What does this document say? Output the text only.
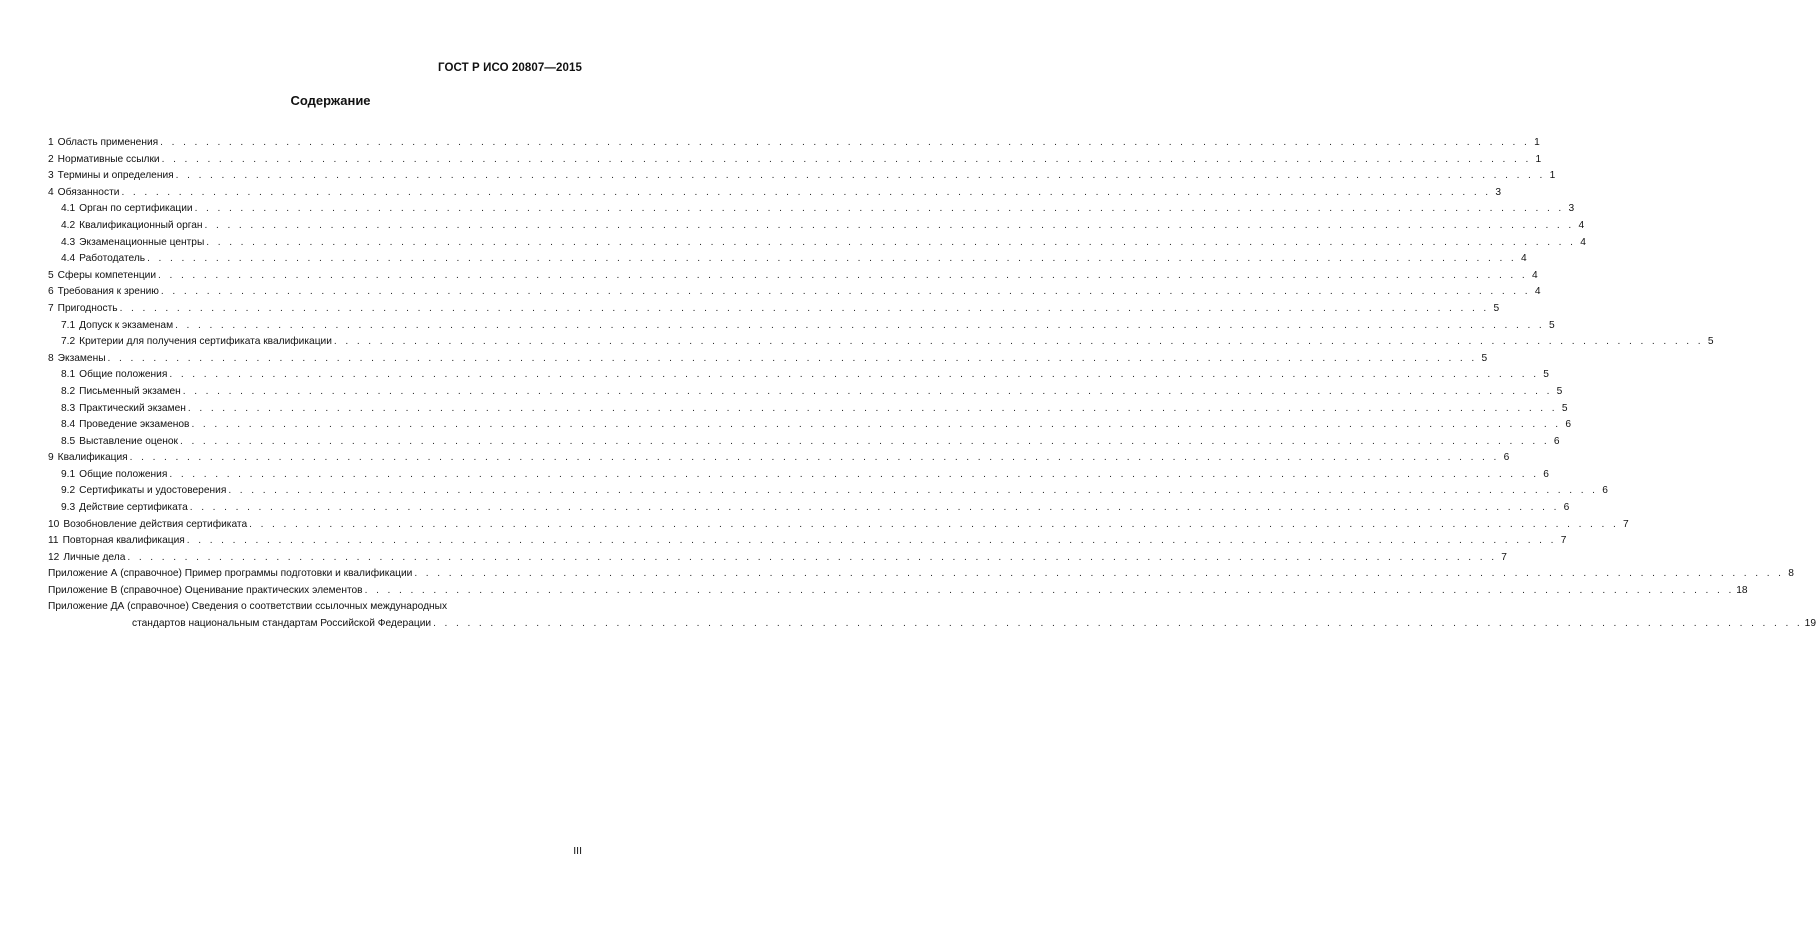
ГОСТ Р ИСО 20807—2015
Содержание
1 Область применения . . . . . . . . . . . . . . . . . . . . . . . . . . . . . . . . . . . . . . . . . . . . . . . . . . . . . . . . . . . . . . . . . . . . . . . . . . . . . . . . . . . . . . . . . . . . . . . . . . . . . . . . . . . . . . . . . . . . . . . . 1
2 Нормативные ссылки . . . . . . . . . . . . . . . . . . . . . . . . . . . . . . . . . . . . . . . . . . . . . . . . . . . . . . . . . . . . . . . . . . . . . . . . . . . . . . . . . . . . . . . . . . . . . . . . . . . . . . . . . . . . . . . . . . . . . . . . 1
3 Термины и определения . . . . . . . . . . . . . . . . . . . . . . . . . . . . . . . . . . . . . . . . . . . . . . . . . . . . . . . . . . . . . . . . . . . . . . . . . . . . . . . . . . . . . . . . . . . . . . . . . . . . . . . . . . . . . . . . . . . . . . . . 1
4 Обязанности . . . . . . . . . . . . . . . . . . . . . . . . . . . . . . . . . . . . . . . . . . . . . . . . . . . . . . . . . . . . . . . . . . . . . . . . . . . . . . . . . . . . . . . . . . . . . . . . . . . . . . . . . . . . . . . . . . . . . . . . 3
4.1 Орган по сертификации . . . . . . . . . . . . . . . . . . . . . . . . . . . . . . . . . . . . . . . . . . . . . . . . . . . . . . . . . . . . . . . . . . . . . . . . . . . . . . . . . . . . . . . . . . . . . . . . . . . . . . . . . . . . . . . . . . . . . . . . 3
4.2 Квалификационный орган . . . . . . . . . . . . . . . . . . . . . . . . . . . . . . . . . . . . . . . . . . . . . . . . . . . . . . . . . . . . . . . . . . . . . . . . . . . . . . . . . . . . . . . . . . . . . . . . . . . . . . . . . . . . . . . . . . . . . . . . 4
4.3 Экзаменационные центры . . . . . . . . . . . . . . . . . . . . . . . . . . . . . . . . . . . . . . . . . . . . . . . . . . . . . . . . . . . . . . . . . . . . . . . . . . . . . . . . . . . . . . . . . . . . . . . . . . . . . . . . . . . . . . . . . . . . . . . . 4
4.4 Работодатель . . . . . . . . . . . . . . . . . . . . . . . . . . . . . . . . . . . . . . . . . . . . . . . . . . . . . . . . . . . . . . . . . . . . . . . . . . . . . . . . . . . . . . . . . . . . . . . . . . . . . . . . . . . . . . . . . . . . . . . . 4
5 Сферы компетенции . . . . . . . . . . . . . . . . . . . . . . . . . . . . . . . . . . . . . . . . . . . . . . . . . . . . . . . . . . . . . . . . . . . . . . . . . . . . . . . . . . . . . . . . . . . . . . . . . . . . . . . . . . . . . . . . . . . . . . . . 4
6 Требования к зрению . . . . . . . . . . . . . . . . . . . . . . . . . . . . . . . . . . . . . . . . . . . . . . . . . . . . . . . . . . . . . . . . . . . . . . . . . . . . . . . . . . . . . . . . . . . . . . . . . . . . . . . . . . . . . . . . . . . . . . . . 4
7 Пригодность . . . . . . . . . . . . . . . . . . . . . . . . . . . . . . . . . . . . . . . . . . . . . . . . . . . . . . . . . . . . . . . . . . . . . . . . . . . . . . . . . . . . . . . . . . . . . . . . . . . . . . . . . . . . . . . . . . . . . . . . 5
7.1 Допуск к экзаменам . . . . . . . . . . . . . . . . . . . . . . . . . . . . . . . . . . . . . . . . . . . . . . . . . . . . . . . . . . . . . . . . . . . . . . . . . . . . . . . . . . . . . . . . . . . . . . . . . . . . . . . . . . . . . . . . . . . . . . . . 5
7.2 Критерии для получения сертификата квалификации . . . . . . . . . . . . . . . . . . . . . . . . . . . . . . . . . . . . . . . . . . . . . . . . . . . . . . . . . . . . . . . . . . . . . . . . . . . . . . . . . . . . . . . . . . . . . . . . . . . . . . . . . . . . . . . . . . . . . . . . 5
8 Экзамены . . . . . . . . . . . . . . . . . . . . . . . . . . . . . . . . . . . . . . . . . . . . . . . . . . . . . . . . . . . . . . . . . . . . . . . . . . . . . . . . . . . . . . . . . . . . . . . . . . . . . . . . . . . . . . . . . . . . . . . . 5
8.1 Общие положения . . . . . . . . . . . . . . . . . . . . . . . . . . . . . . . . . . . . . . . . . . . . . . . . . . . . . . . . . . . . . . . . . . . . . . . . . . . . . . . . . . . . . . . . . . . . . . . . . . . . . . . . . . . . . . . . . . . . . . . . 5
8.2 Письменный экзамен . . . . . . . . . . . . . . . . . . . . . . . . . . . . . . . . . . . . . . . . . . . . . . . . . . . . . . . . . . . . . . . . . . . . . . . . . . . . . . . . . . . . . . . . . . . . . . . . . . . . . . . . . . . . . . . . . . . . . . . . 5
8.3 Практический экзамен . . . . . . . . . . . . . . . . . . . . . . . . . . . . . . . . . . . . . . . . . . . . . . . . . . . . . . . . . . . . . . . . . . . . . . . . . . . . . . . . . . . . . . . . . . . . . . . . . . . . . . . . . . . . . . . . . . . . . . . . 5
8.4 Проведение экзаменов . . . . . . . . . . . . . . . . . . . . . . . . . . . . . . . . . . . . . . . . . . . . . . . . . . . . . . . . . . . . . . . . . . . . . . . . . . . . . . . . . . . . . . . . . . . . . . . . . . . . . . . . . . . . . . . . . . . . . . . . 6
8.5 Выставление оценок . . . . . . . . . . . . . . . . . . . . . . . . . . . . . . . . . . . . . . . . . . . . . . . . . . . . . . . . . . . . . . . . . . . . . . . . . . . . . . . . . . . . . . . . . . . . . . . . . . . . . . . . . . . . . . . . . . . . . . . . 6
9 Квалификация . . . . . . . . . . . . . . . . . . . . . . . . . . . . . . . . . . . . . . . . . . . . . . . . . . . . . . . . . . . . . . . . . . . . . . . . . . . . . . . . . . . . . . . . . . . . . . . . . . . . . . . . . . . . . . . . . . . . . . . . 6
9.1 Общие положения . . . . . . . . . . . . . . . . . . . . . . . . . . . . . . . . . . . . . . . . . . . . . . . . . . . . . . . . . . . . . . . . . . . . . . . . . . . . . . . . . . . . . . . . . . . . . . . . . . . . . . . . . . . . . . . . . . . . . . . . 6
9.2 Сертификаты и удостоверения . . . . . . . . . . . . . . . . . . . . . . . . . . . . . . . . . . . . . . . . . . . . . . . . . . . . . . . . . . . . . . . . . . . . . . . . . . . . . . . . . . . . . . . . . . . . . . . . . . . . . . . . . . . . . . . . . . . . . . . . 6
9.3 Действие сертификата . . . . . . . . . . . . . . . . . . . . . . . . . . . . . . . . . . . . . . . . . . . . . . . . . . . . . . . . . . . . . . . . . . . . . . . . . . . . . . . . . . . . . . . . . . . . . . . . . . . . . . . . . . . . . . . . . . . . . . . . 6
10 Возобновление действия сертификата . . . . . . . . . . . . . . . . . . . . . . . . . . . . . . . . . . . . . . . . . . . . . . . . . . . . . . . . . . . . . . . . . . . . . . . . . . . . . . . . . . . . . . . . . . . . . . . . . . . . . . . . . . . . . . . . . . . . . . . . 7
11 Повторная квалификация . . . . . . . . . . . . . . . . . . . . . . . . . . . . . . . . . . . . . . . . . . . . . . . . . . . . . . . . . . . . . . . . . . . . . . . . . . . . . . . . . . . . . . . . . . . . . . . . . . . . . . . . . . . . . . . . . . . . . . . . 7
12 Личные дела . . . . . . . . . . . . . . . . . . . . . . . . . . . . . . . . . . . . . . . . . . . . . . . . . . . . . . . . . . . . . . . . . . . . . . . . . . . . . . . . . . . . . . . . . . . . . . . . . . . . . . . . . . . . . . . . . . . . . . . . 7
Приложение А (справочное) Пример программы подготовки и квалификации . . . . . . . . . . . . . . . . . . . . . . . . . . . . . . . . . . . . . . . . . . . . . . . . . . . . . . . . . . . . . . . . . . . . . . . . . . . . . . . . . . . . . . . . . . . . . . . . . . . . . . . . . . . . . . . . . . . . . . . . 8
Приложение В (справочное) Оценивание практических элементов . . . . . . . . . . . . . . . . . . . . . . . . . . . . . . . . . . . . . . . . . . . . . . . . . . . . . . . . . . . . . . . . . . . . . . . . . . . . . . . . . . . . . . . . . . . . . . . . . . . . . . . . . . . . . . . . . . . . . . . . 18
Приложение ДА (справочное) Сведения о соответствии ссылочных международных
стандартов национальным стандартам Российской Федерации . . . . . . . . . . . . . . . . . . . . . . . . . . . . . . . . . . . . . . . . . . . . . . . . . . . . . . . . . . . . . . . . . . . . . . . . . . . . . . . . . . . . . . . . . . . . . . . . . . . . . . . . . . . . . . . . . . . . . . . . 19
III
